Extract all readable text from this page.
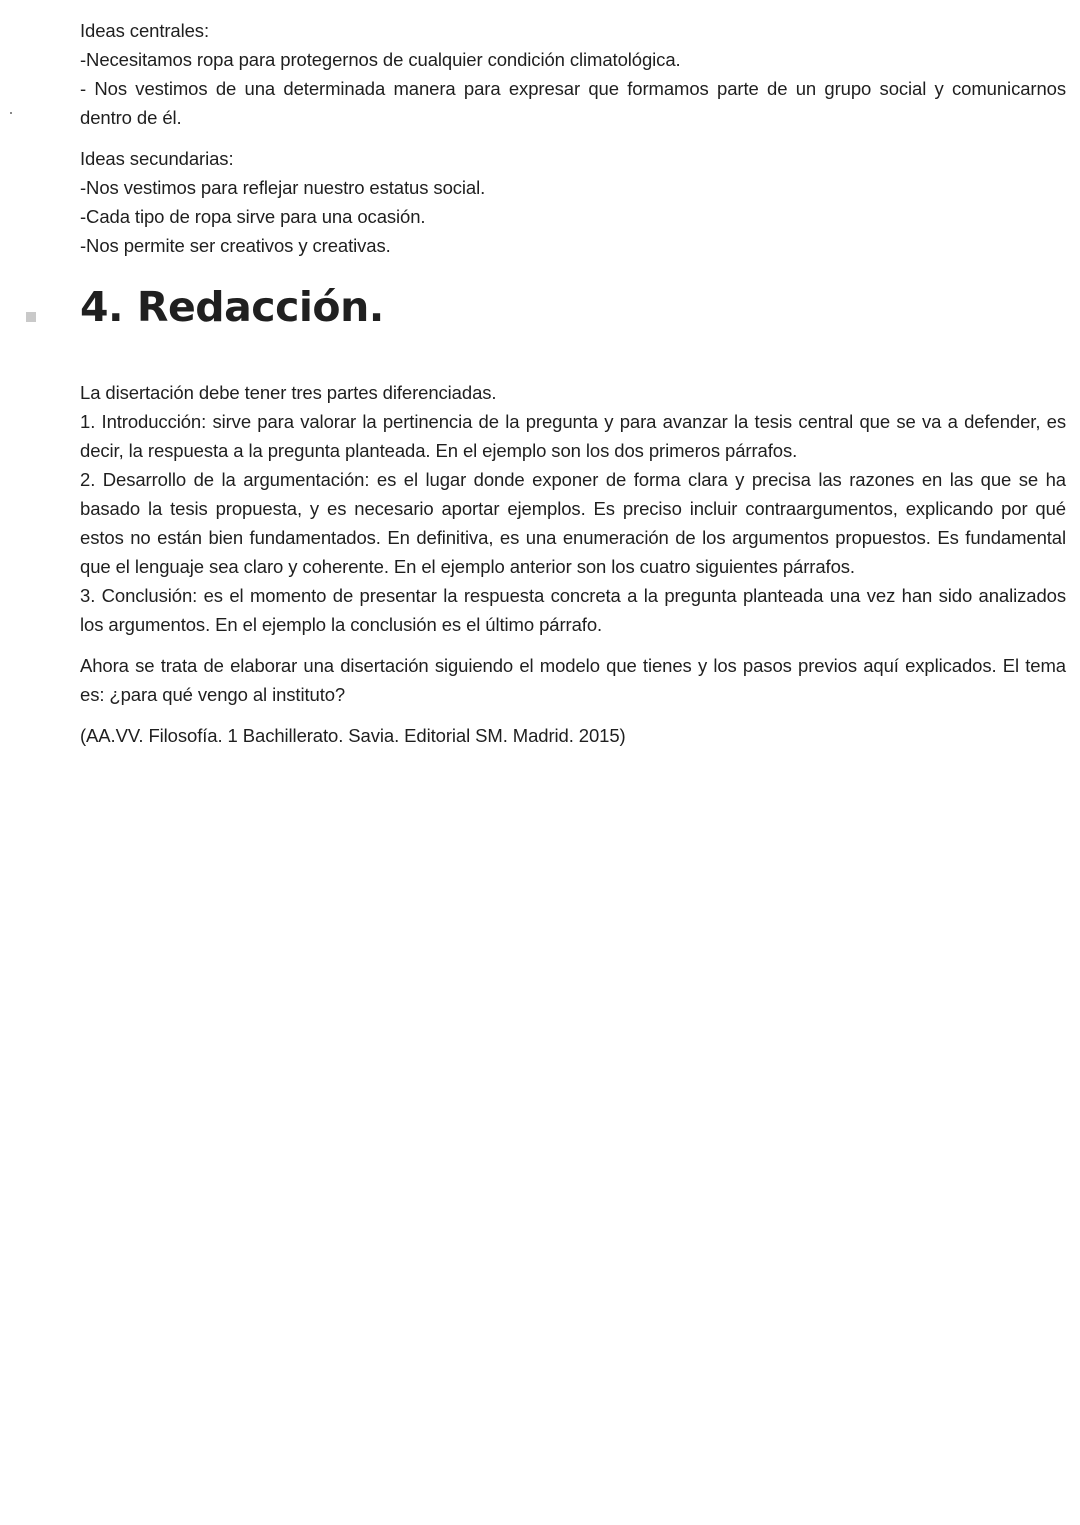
Ideas centrales:

-Necesitamos ropa para protegernos de cualquier condición climatológica.

- Nos vestimos de una determinada manera para expresar que formamos parte de un grupo social y comunicarnos dentro de él.

Ideas secundarias:

-Nos vestimos para reflejar nuestro estatus social.

-Cada tipo de ropa sirve para una ocasión.

-Nos permite ser creativos y creativas.

4. Redacción.

La disertación debe tener tres partes diferenciadas.

1. Introducción: sirve para valorar la pertinencia de la pregunta y para avanzar la tesis central que se va a defender, es decir, la respuesta a la pregunta planteada. En el ejemplo son los dos primeros párrafos.

2. Desarrollo de la argumentación: es el lugar donde exponer de forma clara y precisa las razones en las que se ha basado la tesis propuesta, y es necesario aportar ejemplos. Es preciso incluir contraargumentos, explicando por qué estos no están bien fundamentados. En definitiva, es una enumeración de los argumentos propuestos. Es fundamental que el lenguaje sea claro y coherente. En el ejemplo anterior son los cuatro siguientes párrafos.

3. Conclusión: es el momento de presentar la respuesta concreta a la pregunta planteada una vez han sido analizados los argumentos. En el ejemplo la conclusión es el último párrafo.

Ahora se trata de elaborar una disertación siguiendo el modelo que tienes y los pasos previos aquí explicados. El tema es: ¿para qué vengo al instituto?

(AA.VV. Filosofía. 1 Bachillerato. Savia. Editorial SM. Madrid. 2015)
